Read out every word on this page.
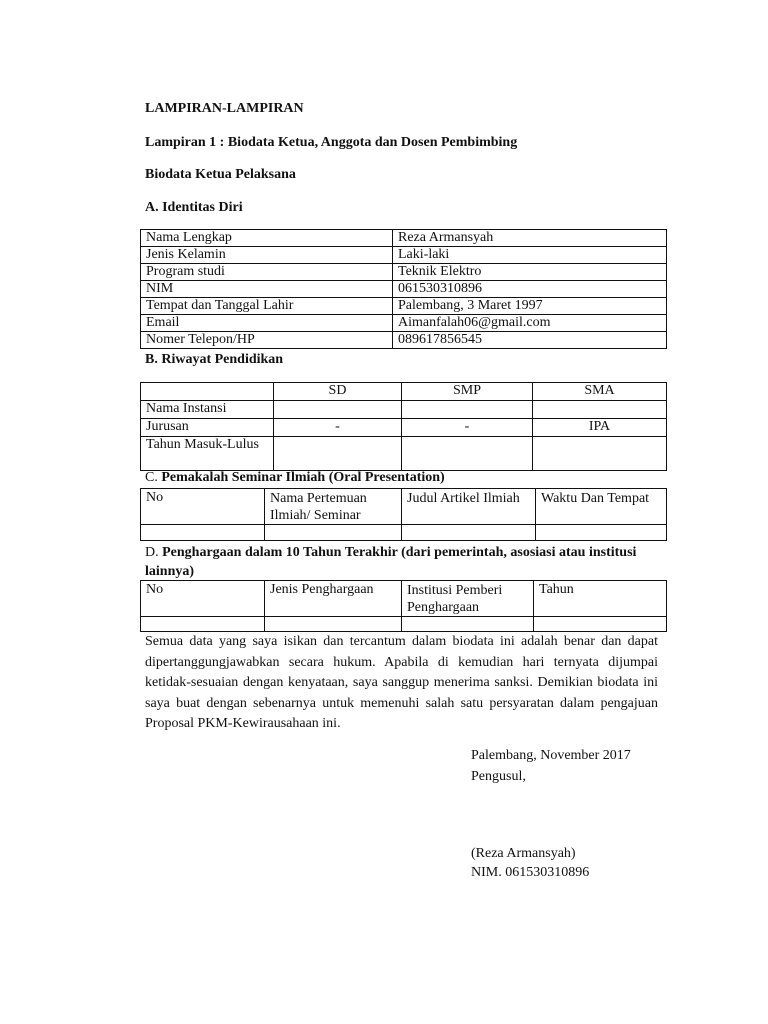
LAMPIRAN-LAMPIRAN

Lampiran 1 : Biodata Ketua, Anggota dan Dosen Pembimbing

Biodata Ketua Pelaksana

A. Identitas Diri

Nama Lengkap	Reza Armansyah
Jenis Kelamin	Laki-laki
Program studi	Teknik Elektro
NIM	061530310896
Tempat dan Tanggal Lahir	Palembang, 3 Maret 1997
Email	Aimanfalah06@gmail.com
Nomer Telepon/HP	089617856545

B. Riwayat Pendidikan

	SD	SMP	SMA
Nama Instansi			
Jurusan	-	-	IPA
Tahun Masuk-Lulus			

C. Pemakalah Seminar Ilmiah (Oral Presentation)

No	Nama Pertemuan Ilmiah/ Seminar	Judul Artikel Ilmiah	Waktu Dan Tempat

D. Penghargaan dalam 10 Tahun Terakhir (dari pemerintah, asosiasi atau institusi lainnya)

No	Jenis Penghargaan	Institusi Pemberi Penghargaan	Tahun

Semua data yang saya isikan dan tercantum dalam biodata ini adalah benar dan dapat dipertanggungjawabkan secara hukum. Apabila di kemudian hari ternyata dijumpai ketidak-sesuaian dengan kenyataan, saya sanggup menerima sanksi. Demikian biodata ini saya buat dengan sebenarnya untuk memenuhi salah satu persyaratan dalam pengajuan Proposal PKM-Kewirausahaan ini.

Palembang, November 2017

Pengusul,

(Reza Armansyah)

NIM. 061530310896
